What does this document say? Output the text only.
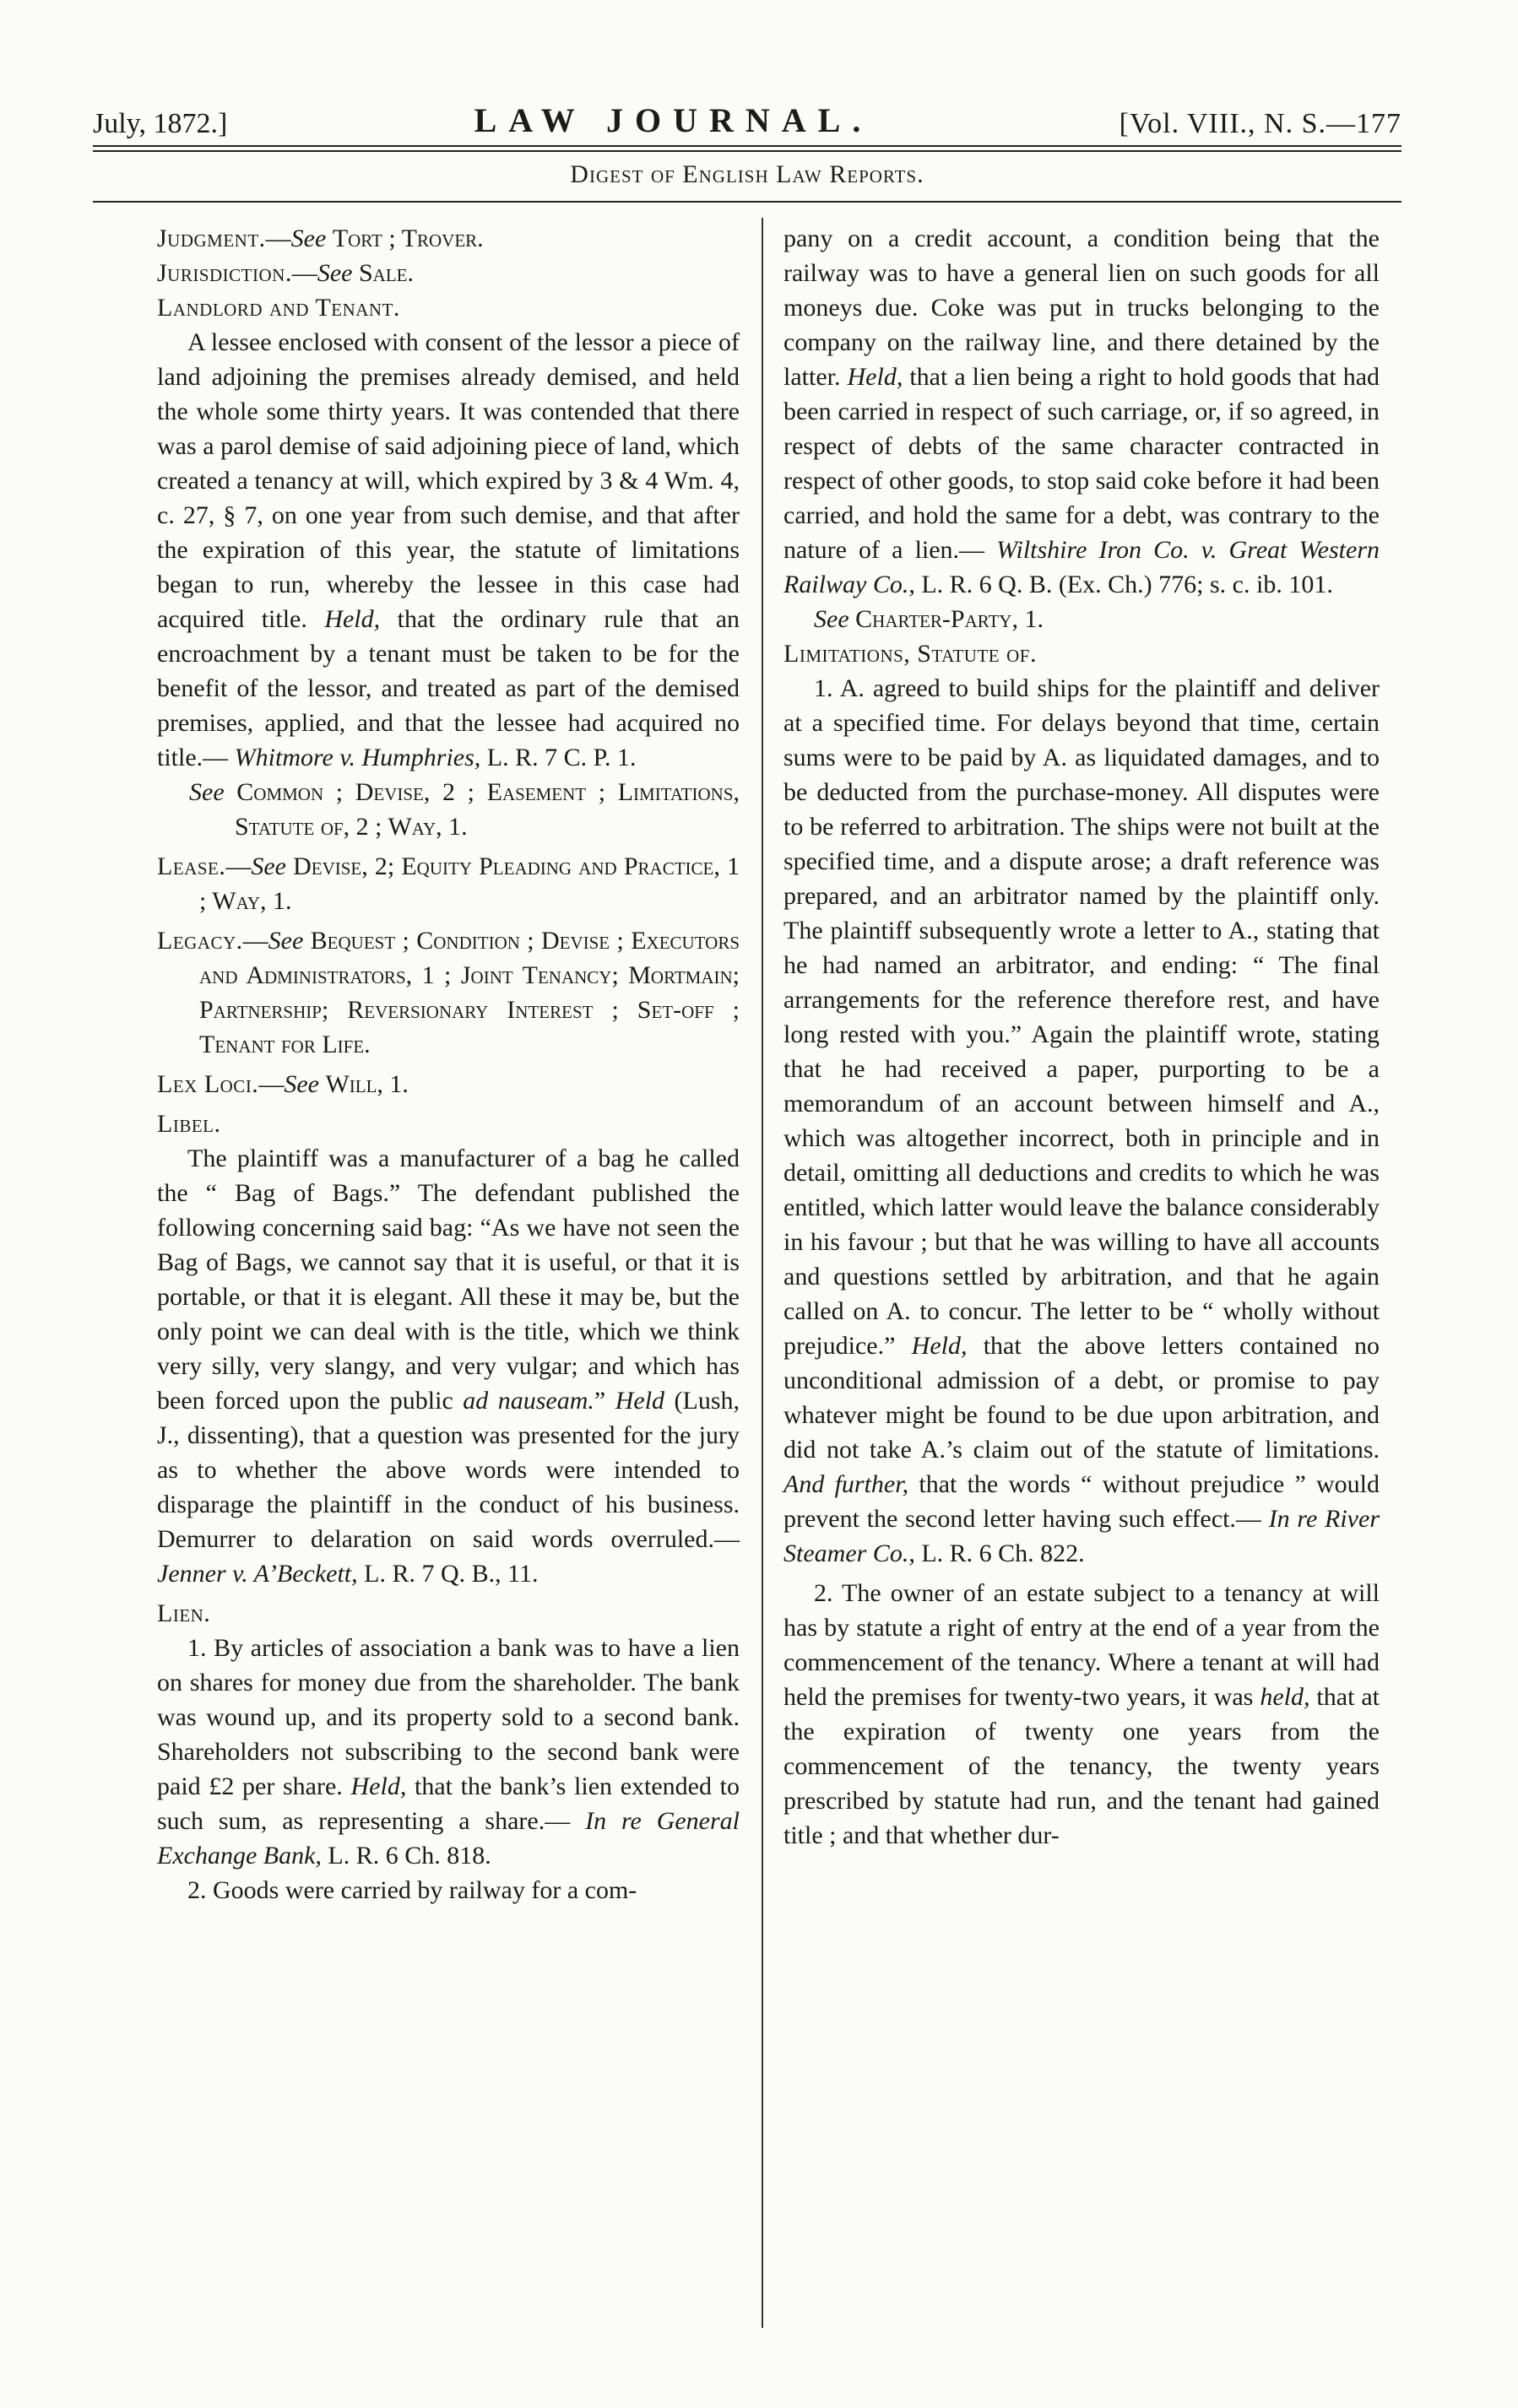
July, 1872.]	LAW JOURNAL.	[Vol. VIII., N. S.—177
Digest of English Law Reports.

Judgment.—See Tort ; Trover.

Jurisdiction.—See Sale.

Landlord and Tenant.

A lessee enclosed with consent of the lessor a piece of land adjoining the premises already demised, and held the whole some thirty years. It was contended that there was a parol demise of said adjoining piece of land, which created a tenancy at will, which expired by 3 & 4 Wm. 4, c. 27, § 7, on one year from such demise, and that after the expiration of this year, the statute of limitations began to run, whereby the lessee in this case had acquired title. Held, that the ordinary rule that an encroachment by a tenant must be taken to be for the benefit of the lessor, and treated as part of the demised premises, applied, and that the lessee had acquired no title.— Whitmore v. Humphries, L. R. 7 C. P. 1.

See Common ; Devise, 2 ; Easement ; Limitations, Statute of, 2 ; Way, 1.

Lease.—See Devise, 2; Equity Pleading and Practice, 1 ; Way, 1.

Legacy.—See Bequest ; Condition ; Devise ; Executors and Administrators, 1 ; Joint Tenancy; Mortmain; Partnership; Reversionary Interest ; Set-off ; Tenant for Life.

Lex Loci.—See Will, 1.

Libel.

The plaintiff was a manufacturer of a bag he called the “ Bag of Bags.” The defendant published the following concerning said bag: “As we have not seen the Bag of Bags, we cannot say that it is useful, or that it is portable, or that it is elegant. All these it may be, but the only point we can deal with is the title, which we think very silly, very slangy, and very vulgar; and which has been forced upon the public ad nauseam.” Held (Lush, J., dissenting), that a question was presented for the jury as to whether the above words were intended to disparage the plaintiff in the conduct of his business. Demurrer to delaration on said words overruled.—Jenner v. A’Beckett, L. R. 7 Q. B., 11.

Lien.

1. By articles of association a bank was to have a lien on shares for money due from the shareholder. The bank was wound up, and its property sold to a second bank. Shareholders not subscribing to the second bank were paid £2 per share. Held, that the bank’s lien extended to such sum, as representing a share.— In re General Exchange Bank, L. R. 6 Ch. 818.

2. Goods were carried by railway for a com-

pany on a credit account, a condition being that the railway was to have a general lien on such goods for all moneys due. Coke was put in trucks belonging to the company on the railway line, and there detained by the latter. Held, that a lien being a right to hold goods that had been carried in respect of such carriage, or, if so agreed, in respect of debts of the same character contracted in respect of other goods, to stop said coke before it had been carried, and hold the same for a debt, was contrary to the nature of a lien.— Wiltshire Iron Co. v. Great Western Railway Co., L. R. 6 Q. B. (Ex. Ch.) 776; s. c. ib. 101.

See Charter-Party, 1.

Limitations, Statute of.

1. A. agreed to build ships for the plaintiff and deliver at a specified time. For delays beyond that time, certain sums were to be paid by A. as liquidated damages, and to be deducted from the purchase-money. All disputes were to be referred to arbitration. The ships were not built at the specified time, and a dispute arose; a draft reference was prepared, and an arbitrator named by the plaintiff only. The plaintiff subsequently wrote a letter to A., stating that he had named an arbitrator, and ending: “ The final arrangements for the reference therefore rest, and have long rested with you.” Again the plaintiff wrote, stating that he had received a paper, purporting to be a memorandum of an account between himself and A., which was altogether incorrect, both in principle and in detail, omitting all deductions and credits to which he was entitled, which latter would leave the balance considerably in his favour ; but that he was willing to have all accounts and questions settled by arbitration, and that he again called on A. to concur. The letter to be “ wholly without prejudice.” Held, that the above letters contained no unconditional admission of a debt, or promise to pay whatever might be found to be due upon arbitration, and did not take A.’s claim out of the statute of limitations. And further, that the words “ without prejudice ” would prevent the second letter having such effect.— In re River Steamer Co., L. R. 6 Ch. 822.

2. The owner of an estate subject to a tenancy at will has by statute a right of entry at the end of a year from the commencement of the tenancy. Where a tenant at will had held the premises for twenty-two years, it was held, that at the expiration of twenty one years from the commencement of the tenancy, the twenty years prescribed by statute had run, and the tenant had gained title ; and that whether dur-
